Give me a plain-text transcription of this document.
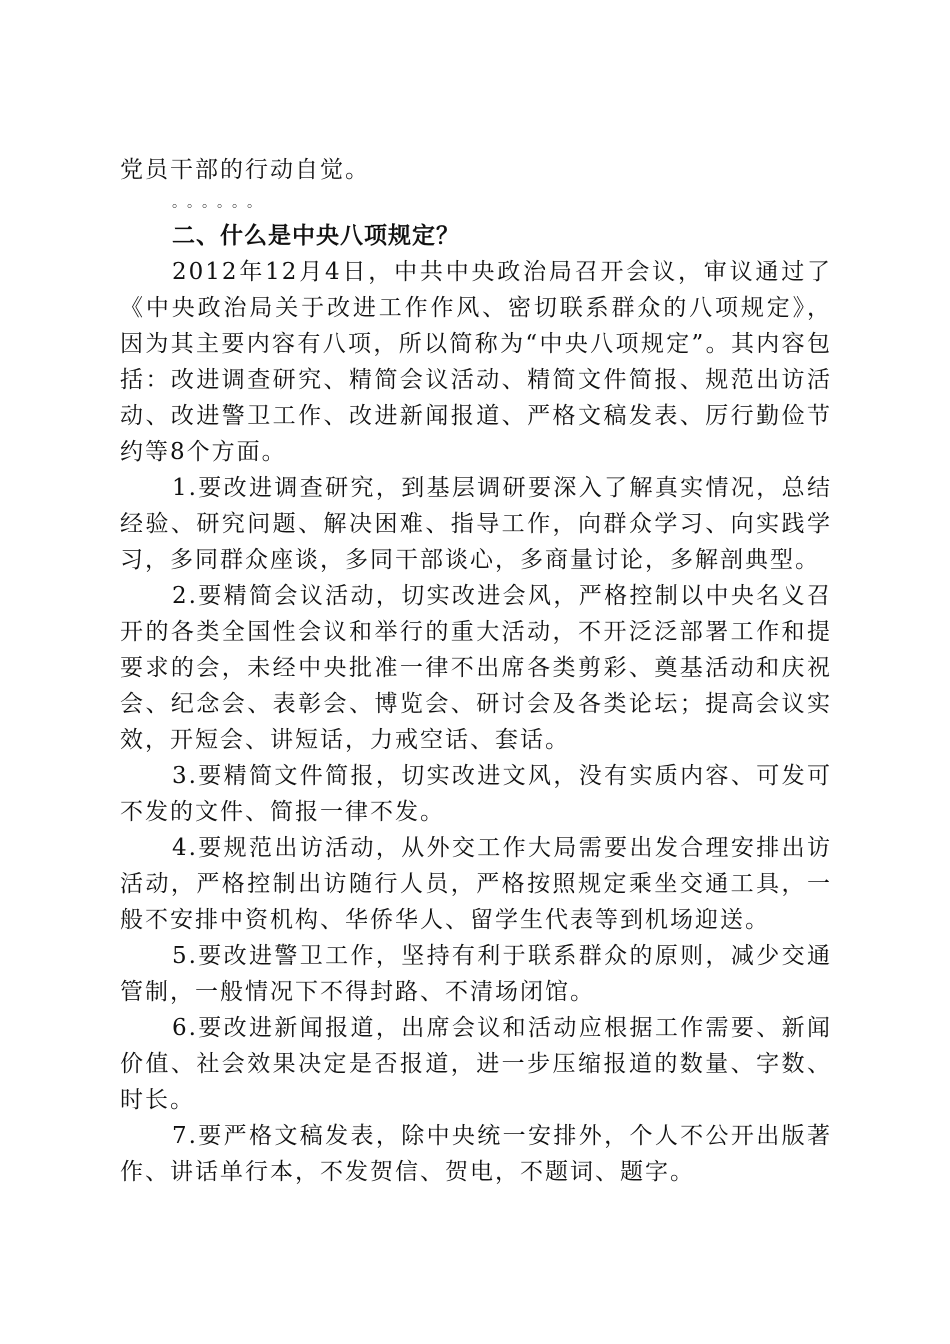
党员干部的行动自觉。

。。。。。。

二、什么是中央八项规定？

2012年12月4日，中共中央政治局召开会议，审议通过了《中央政治局关于改进工作作风、密切联系群众的八项规定》，因为其主要内容有八项，所以简称为“中央八项规定”。其内容包括：改进调查研究、精简会议活动、精简文件简报、规范出访活动、改进警卫工作、改进新闻报道、严格文稿发表、厉行勤俭节约等8个方面。

1.要改进调查研究，到基层调研要深入了解真实情况，总结经验、研究问题、解决困难、指导工作，向群众学习、向实践学习，多同群众座谈，多同干部谈心，多商量讨论，多解剖典型。

2.要精简会议活动，切实改进会风，严格控制以中央名义召开的各类全国性会议和举行的重大活动，不开泛泛部署工作和提要求的会，未经中央批准一律不出席各类剪彩、奠基活动和庆祝会、纪念会、表彰会、博览会、研讨会及各类论坛；提高会议实效，开短会、讲短话，力戒空话、套话。

3.要精简文件简报，切实改进文风，没有实质内容、可发可不发的文件、简报一律不发。

4.要规范出访活动，从外交工作大局需要出发合理安排出访活动，严格控制出访随行人员，严格按照规定乘坐交通工具，一般不安排中资机构、华侨华人、留学生代表等到机场迎送。

5.要改进警卫工作，坚持有利于联系群众的原则，减少交通管制，一般情况下不得封路、不清场闭馆。

6.要改进新闻报道，出席会议和活动应根据工作需要、新闻价值、社会效果决定是否报道，进一步压缩报道的数量、字数、时长。

7.要严格文稿发表，除中央统一安排外，个人不公开出版著作、讲话单行本，不发贺信、贺电，不题词、题字。
